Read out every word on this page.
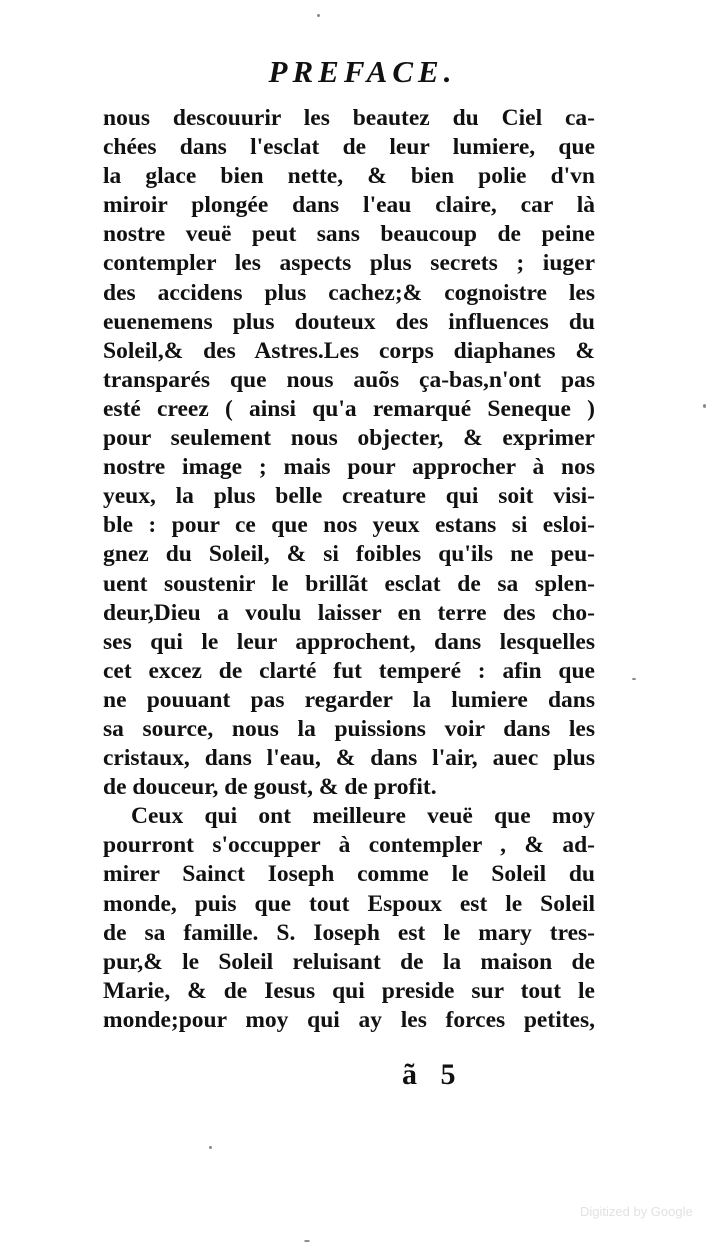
PREFACE.
nous descouurir les beautez du Ciel ca-
chées dans l'esclat de leur lumiere, que
la glace bien nette, & bien polie d'vn
miroir plongée dans l'eau claire, car là
nostre veuë peut sans beaucoup de peine
contempler les aspects plus secrets ; iuger
des accidens plus cachez;& cognoistre les
euenemens plus douteux des influences du
Soleil,& des Astres.Les corps diaphanes &
transparés que nous auõs ça-bas,n'ont pas
esté creez ( ainsi qu'a remarqué Seneque )
pour seulement nous objecter, & exprimer
nostre image ; mais pour approcher à nos
yeux, la plus belle creature qui soit visi-
ble : pour ce que nos yeux estans si esloi-
gnez du Soleil, & si foibles qu'ils ne peu-
uent soustenir le brillãt esclat de sa splen-
deur,Dieu a voulu laisser en terre des cho-
ses qui le leur approchent, dans lesquelles
cet excez de clarté fut temperé : afin que
ne pouuant pas regarder la lumiere dans
sa source, nous la puissions voir dans les
cristaux, dans l'eau, & dans l'air, auec plus
de douceur, de goust, & de profit.
Ceux qui ont meilleure veuë que moy
pourront s'occupper à contempler , & ad-
mirer Sainct Ioseph comme le Soleil du
monde, puis que tout Espoux est le Soleil
de sa famille. S. Ioseph est le mary tres-
pur,& le Soleil reluisant de la maison de
Marie, & de Iesus qui preside sur tout le
monde;pour moy qui ay les forces petites,
ã 5
Digitized by Google
